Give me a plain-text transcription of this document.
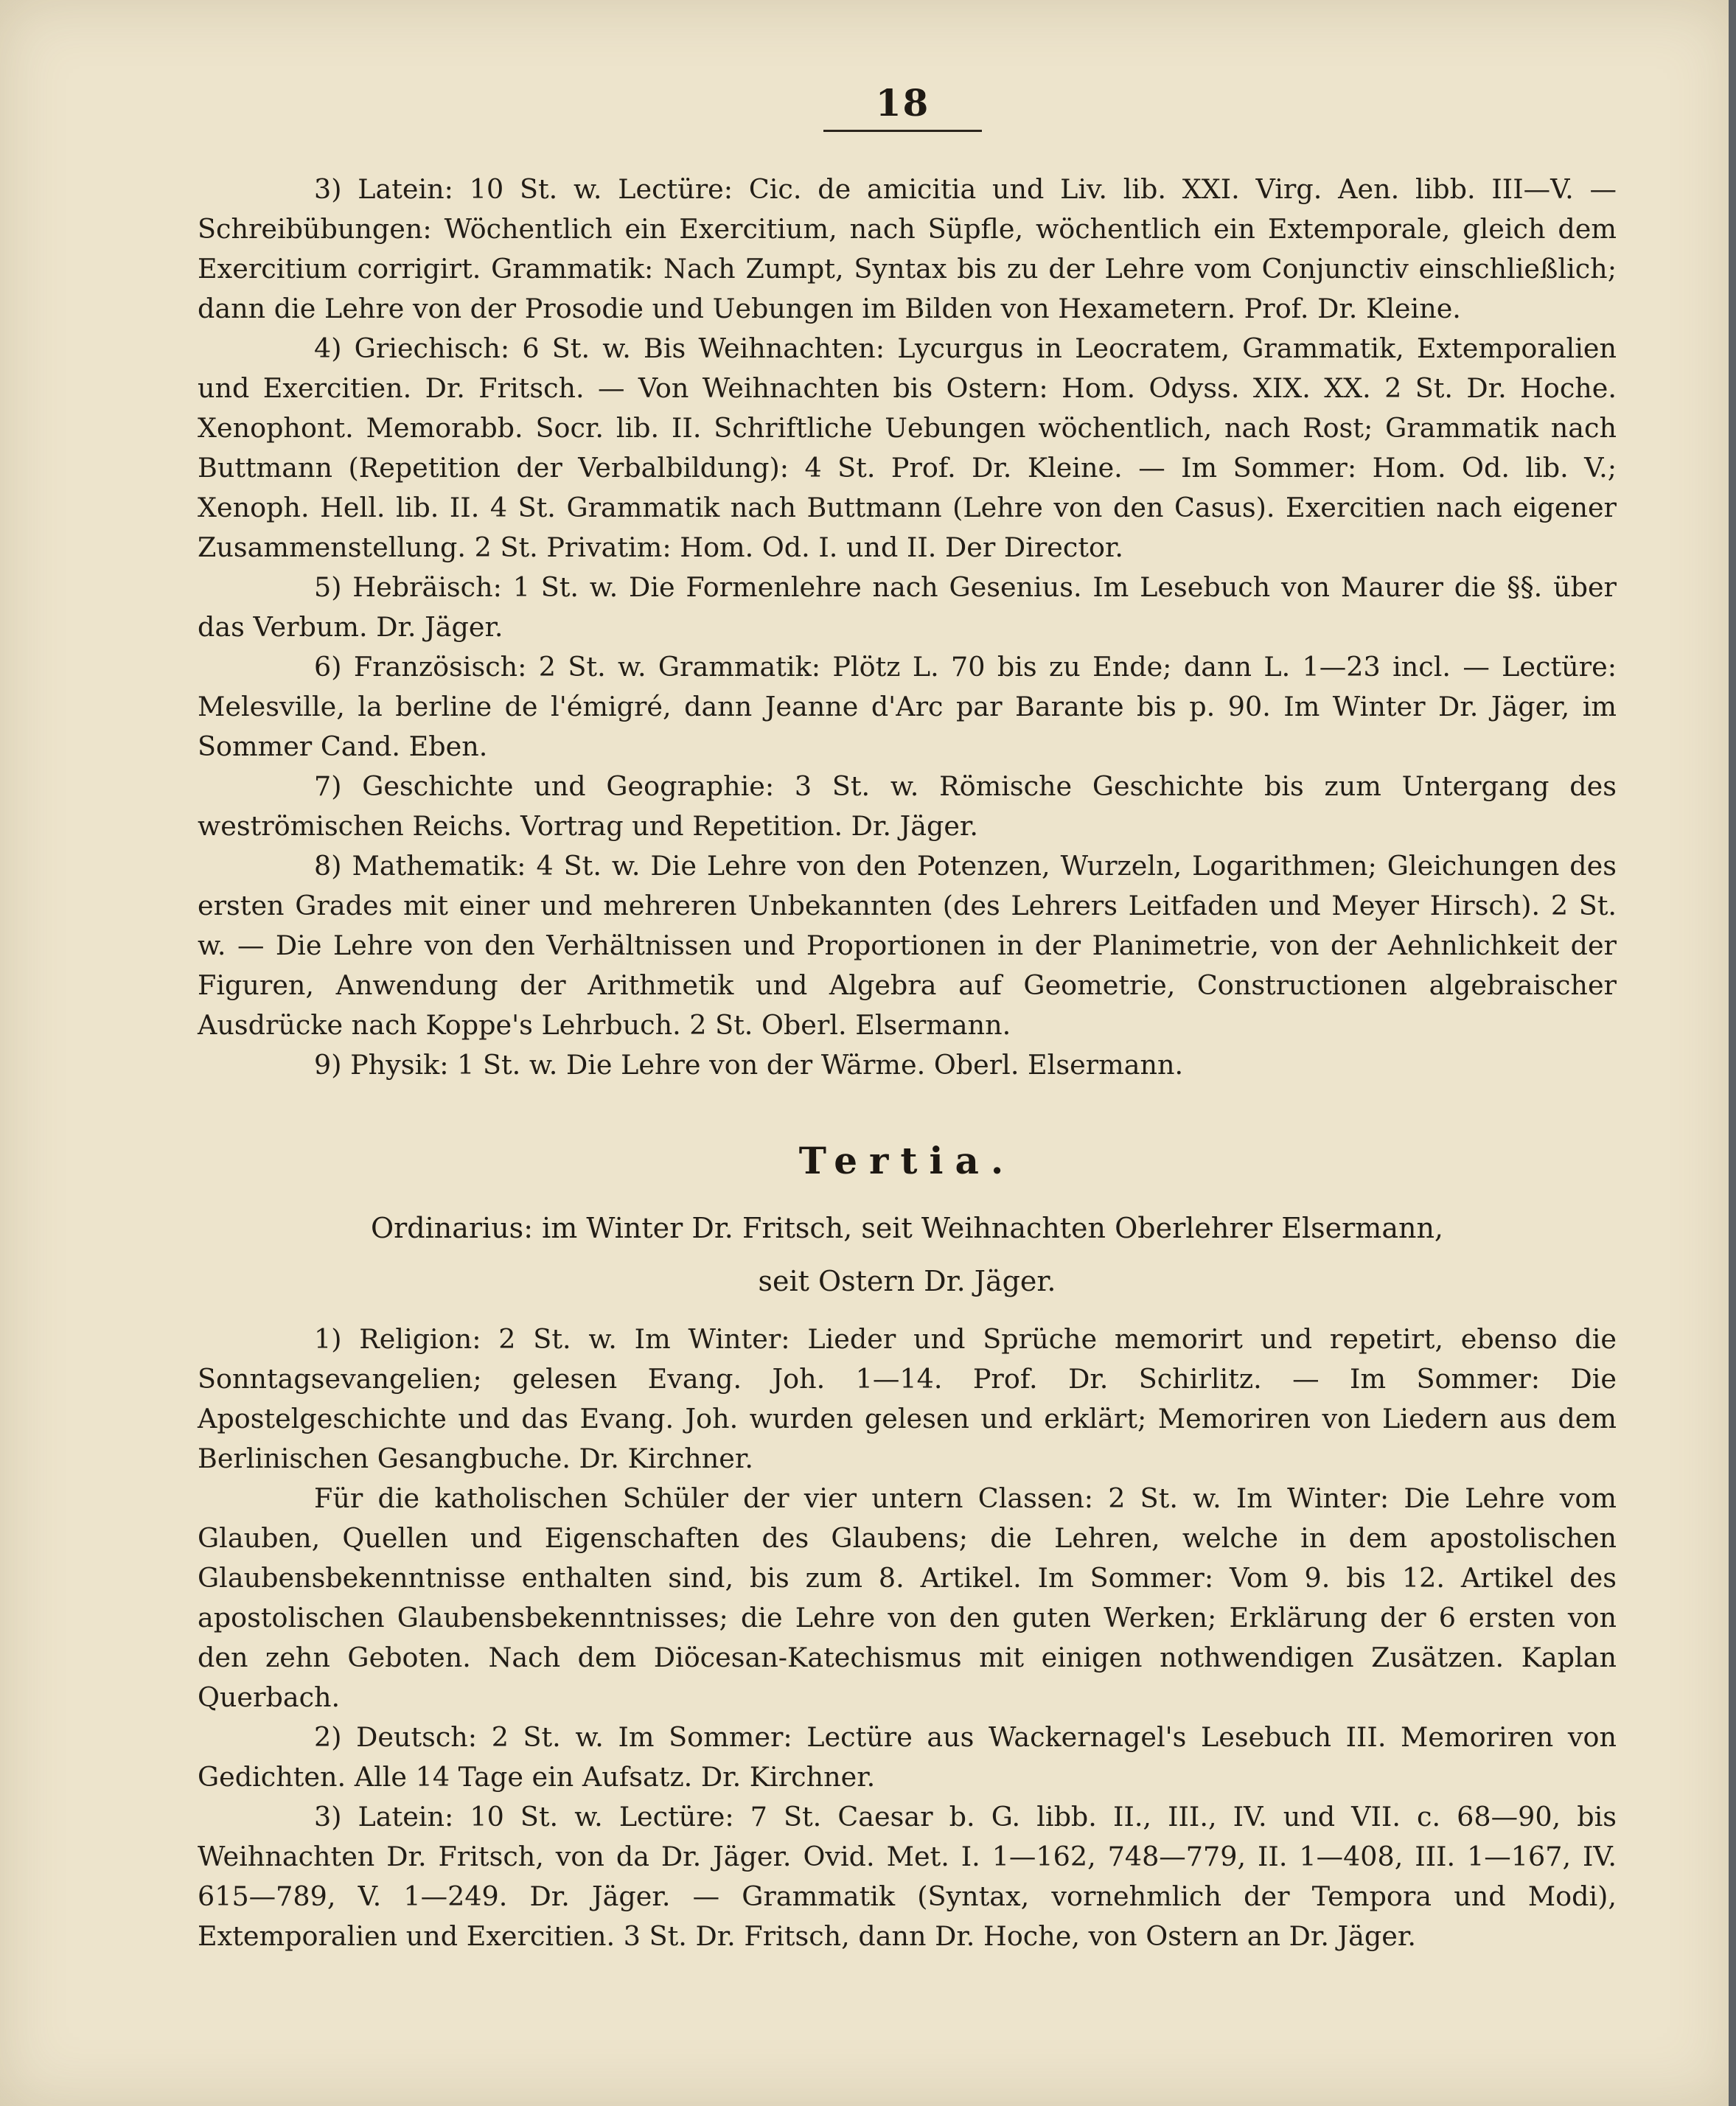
18

3) Latein: 10 St. w. Lectüre: Cic. de amicitia und Liv. lib. XXI. Virg. Aen. libb. III—V. — Schreibübungen: Wöchentlich ein Exercitium, nach Süpfle, wöchentlich ein Extemporale, gleich dem Exercitium corrigirt. Grammatik: Nach Zumpt, Syntax bis zu der Lehre vom Conjunctiv einschließlich; dann die Lehre von der Prosodie und Uebungen im Bilden von Hexametern. Prof. Dr. Kleine.

4) Griechisch: 6 St. w. Bis Weihnachten: Lycurgus in Leocratem, Grammatik, Extemporalien und Exercitien. Dr. Fritsch. — Von Weihnachten bis Ostern: Hom. Odyss. XIX. XX. 2 St. Dr. Hoche. Xenophont. Memorabb. Socr. lib. II. Schriftliche Uebungen wöchentlich, nach Rost; Grammatik nach Buttmann (Repetition der Verbalbildung): 4 St. Prof. Dr. Kleine. — Im Sommer: Hom. Od. lib. V.; Xenoph. Hell. lib. II. 4 St. Grammatik nach Buttmann (Lehre von den Casus). Exercitien nach eigener Zusammenstellung. 2 St. Privatim: Hom. Od. I. und II. Der Director.

5) Hebräisch: 1 St. w. Die Formenlehre nach Gesenius. Im Lesebuch von Maurer die §§. über das Verbum. Dr. Jäger.

6) Französisch: 2 St. w. Grammatik: Plötz L. 70 bis zu Ende; dann L. 1—23 incl. — Lectüre: Melesville, la berline de l'émigré, dann Jeanne d'Arc par Barante bis p. 90. Im Winter Dr. Jäger, im Sommer Cand. Eben.

7) Geschichte und Geographie: 3 St. w. Römische Geschichte bis zum Untergang des weströmischen Reichs. Vortrag und Repetition. Dr. Jäger.

8) Mathematik: 4 St. w. Die Lehre von den Potenzen, Wurzeln, Logarithmen; Gleichungen des ersten Grades mit einer und mehreren Unbekannten (des Lehrers Leitfaden und Meyer Hirsch). 2 St. w. — Die Lehre von den Verhältnissen und Proportionen in der Planimetrie, von der Aehnlichkeit der Figuren, Anwendung der Arithmetik und Algebra auf Geometrie, Constructionen algebraischer Ausdrücke nach Koppe's Lehrbuch. 2 St. Oberl. Elsermann.

9) Physik: 1 St. w. Die Lehre von der Wärme. Oberl. Elsermann.

Tertia.
Ordinarius: im Winter Dr. Fritsch, seit Weihnachten Oberlehrer Elsermann,
seit Ostern Dr. Jäger.

1) Religion: 2 St. w. Im Winter: Lieder und Sprüche memorirt und repetirt, ebenso die Sonntagsevangelien; gelesen Evang. Joh. 1—14. Prof. Dr. Schirlitz. — Im Sommer: Die Apostelgeschichte und das Evang. Joh. wurden gelesen und erklärt; Memoriren von Liedern aus dem Berlinischen Gesangbuche. Dr. Kirchner.

Für die katholischen Schüler der vier untern Classen: 2 St. w. Im Winter: Die Lehre vom Glauben, Quellen und Eigenschaften des Glaubens; die Lehren, welche in dem apostolischen Glaubensbekenntnisse enthalten sind, bis zum 8. Artikel. Im Sommer: Vom 9. bis 12. Artikel des apostolischen Glaubensbekenntnisses; die Lehre von den guten Werken; Erklärung der 6 ersten von den zehn Geboten. Nach dem Diöcesan-Katechismus mit einigen nothwendigen Zusätzen. Kaplan Querbach.

2) Deutsch: 2 St. w. Im Sommer: Lectüre aus Wackernagel's Lesebuch III. Memoriren von Gedichten. Alle 14 Tage ein Aufsatz. Dr. Kirchner.

3) Latein: 10 St. w. Lectüre: 7 St. Caesar b. G. libb. II., III., IV. und VII. c. 68—90, bis Weihnachten Dr. Fritsch, von da Dr. Jäger. Ovid. Met. I. 1—162, 748—779, II. 1—408, III. 1—167, IV. 615—789, V. 1—249. Dr. Jäger. — Grammatik (Syntax, vornehmlich der Tempora und Modi), Extemporalien und Exercitien. 3 St. Dr. Fritsch, dann Dr. Hoche, von Ostern an Dr. Jäger.
